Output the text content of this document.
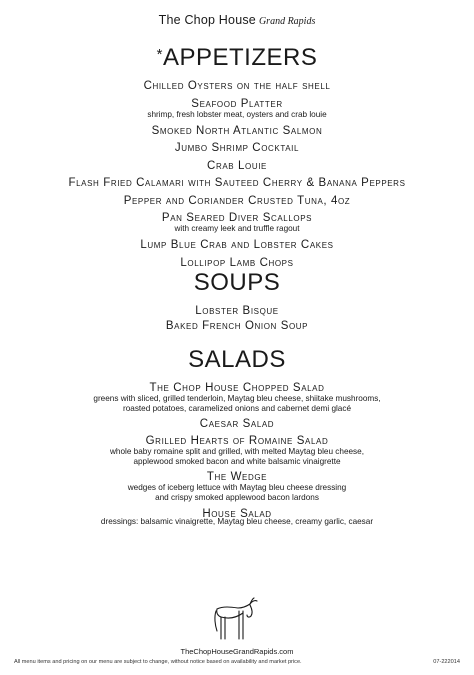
The Chop House Grand Rapids
*APPETIZERS
Chilled Oysters on the half shell
Seafood Platter
shrimp, fresh lobster meat, oysters and crab louie
Smoked North Atlantic Salmon
Jumbo Shrimp Cocktail
Crab Louie
Flash Fried Calamari with Sauteed Cherry & Banana Peppers
Pepper and Coriander Crusted Tuna, 4oz
Pan Seared Diver Scallops
with creamy leek and truffle ragout
Lump Blue Crab and Lobster Cakes
Lollipop Lamb Chops
SOUPS
Lobster Bisque
Baked French Onion Soup
SALADS
The Chop House Chopped Salad
greens with sliced, grilled tenderloin, Maytag bleu cheese, shiitake mushrooms,
roasted potatoes, caramelized onions and cabernet demi glacé
Caesar Salad
Grilled Hearts of Romaine Salad
whole baby romaine split and grilled, with melted Maytag bleu cheese,
applewood smoked bacon and white balsamic vinaigrette
The Wedge
wedges of iceberg lettuce with Maytag bleu cheese dressing
and crispy smoked applewood bacon lardons
House Salad
dressings: balsamic vinaigrette, Maytag bleu cheese, creamy garlic, caesar
TheChopHouseGrandRapids.com
All menu items and pricing on our menu are subject to change, without notice based on availability and market price.	07-222014
